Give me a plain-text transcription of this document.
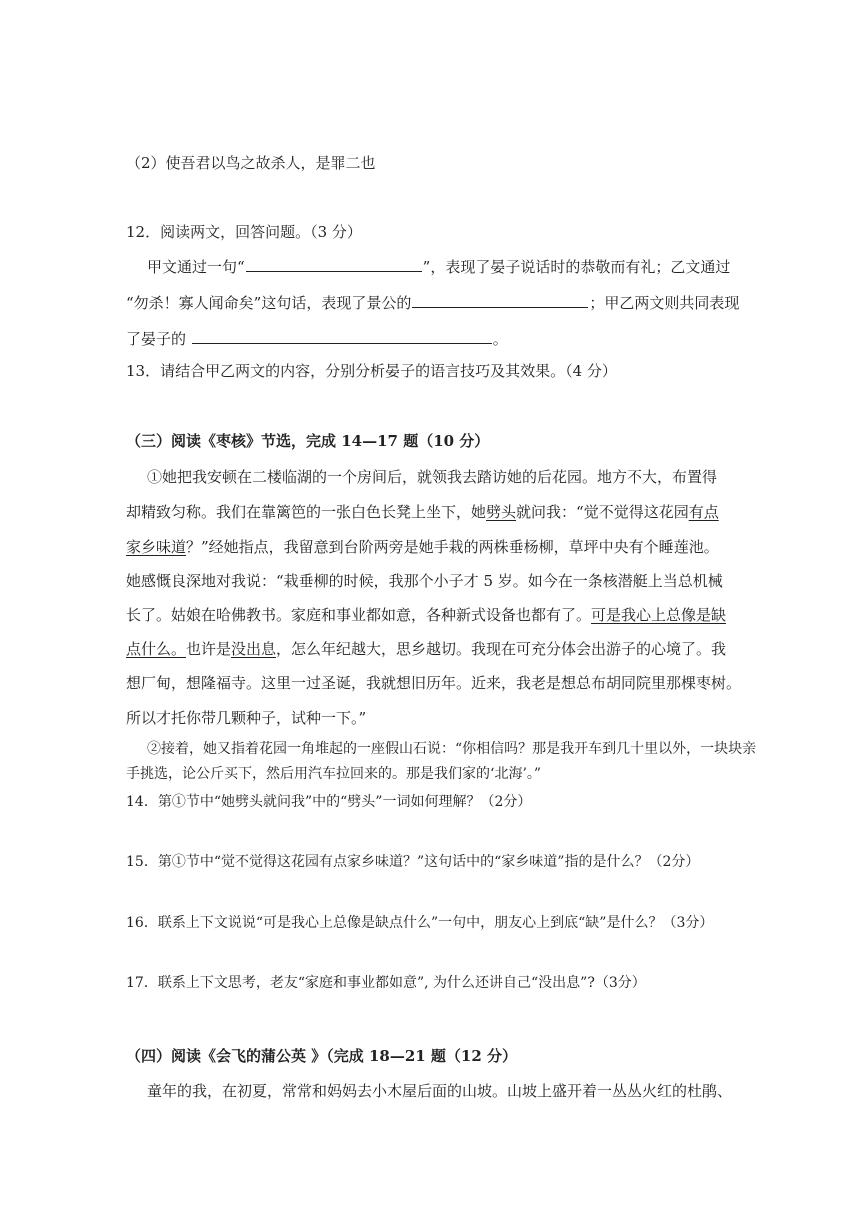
（2）使吾君以鸟之故杀人，是罪二也

12．阅读两文，回答问题。（3 分）

甲文通过一句“	”，表现了晏子说话时的恭敬而有礼；乙文通过

“勿杀！寡人闻命矣”这句话，表现了景公的	；甲乙两文则共同表现

了晏子的	。

13．请结合甲乙两文的内容，分别分析晏子的语言技巧及其效果。（4 分）

（三）阅读《枣核》节选，完成 14—17 题（10 分）

①她把我安顿在二楼临湖的一个房间后，就领我去踏访她的后花园。地方不大，布置得

却精致匀称。我们在靠篱笆的一张白色长凳上坐下，她劈头就问我：“觉不觉得这花园有点

家乡味道？”经她指点，我留意到台阶两旁是她手栽的两株垂杨柳，草坪中央有个睡莲池。

她感慨良深地对我说：“栽垂柳的时候，我那个小子才 5 岁。如今在一条核潜艇上当总机械

长了。姑娘在哈佛教书。家庭和事业都如意，各种新式设备也都有了。可是我心上总像是缺

点什么。也许是没出息，怎么年纪越大，思乡越切。我现在可充分体会出游子的心境了。我

想厂甸，想隆福寺。这里一过圣诞，我就想旧历年。近来，我老是想总布胡同院里那棵枣树。

所以才托你带几颗种子，试种一下。”

②接着，她又指着花园一角堆起的一座假山石说：“你相信吗？那是我开车到几十里以外，一块块亲

手挑选，论公斤买下，然后用汽车拉回来的。那是我们家的‘北海’。”

14．第①节中“她劈头就问我”中的“劈头”一词如何理解？（2分）

15．第①节中“觉不觉得这花园有点家乡味道？”这句话中的“家乡味道”指的是什么？（2分）

16．联系上下文说说“可是我心上总像是缺点什么”一句中，朋友心上到底“缺”是什么？（3分）

17．联系上下文思考，老友“家庭和事业都如意”, 为什么还讲自己“没出息”?（3分）

（四）阅读《会飞的蒲公英 》（完成 18—21 题（12 分）

童年的我，在初夏，常常和妈妈去小木屋后面的山坡。山坡上盛开着一丛丛火红的杜鹃、
